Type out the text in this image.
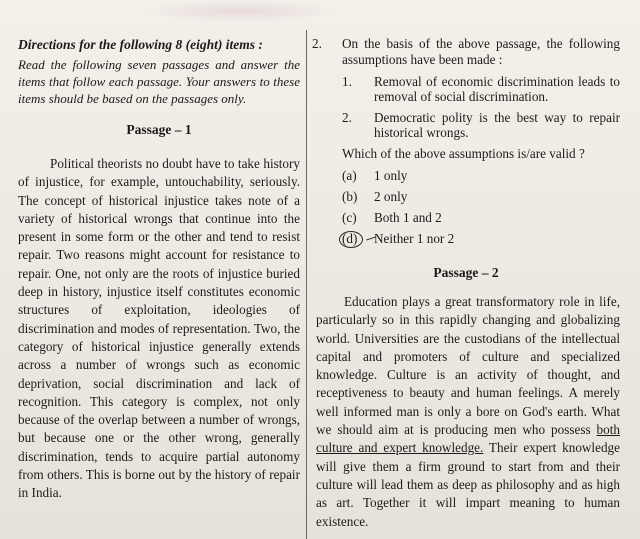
Directions for the following 8 (eight) items :

Read the following seven passages and answer the items that follow each passage. Your answers to these items should be based on the passages only.

Passage – 1

Political theorists no doubt have to take history of injustice, for example, untouchability, seriously. The concept of historical injustice takes note of a variety of historical wrongs that continue into the present in some form or the other and tend to resist repair. Two reasons might account for resistance to repair. One, not only are the roots of injustice buried deep in history, injustice itself constitutes economic structures of exploitation, ideologies of discrimination and modes of representation. Two, the category of historical injustice generally extends across a number of wrongs such as economic deprivation, social discrimination and lack of recognition. This category is complex, not only because of the overlap between a number of wrongs, but because one or the other wrong, generally discrimination, tends to acquire partial autonomy from others. This is borne out by the history of repair in India.

2.	On the basis of the above passage, the following assumptions have been made :
1.	Removal of economic discrimination leads to removal of social discrimination.
2.	Democratic polity is the best way to repair historical wrongs.

Which of the above assumptions is/are valid ?

(a)	1 only
(b)	2 only
(c)	Both 1 and 2
(d)	Neither 1 nor 2

Passage – 2

Education plays a great transformatory role in life, particularly so in this rapidly changing and globalizing world. Universities are the custodians of the intellectual capital and promoters of culture and specialized knowledge. Culture is an activity of thought, and receptiveness to beauty and human feelings. A merely well informed man is only a bore on God's earth. What we should aim at is producing men who possess both culture and expert knowledge. Their expert knowledge will give them a firm ground to start from and their culture will lead them as deep as philosophy and as high as art. Together it will impart meaning to human existence.
